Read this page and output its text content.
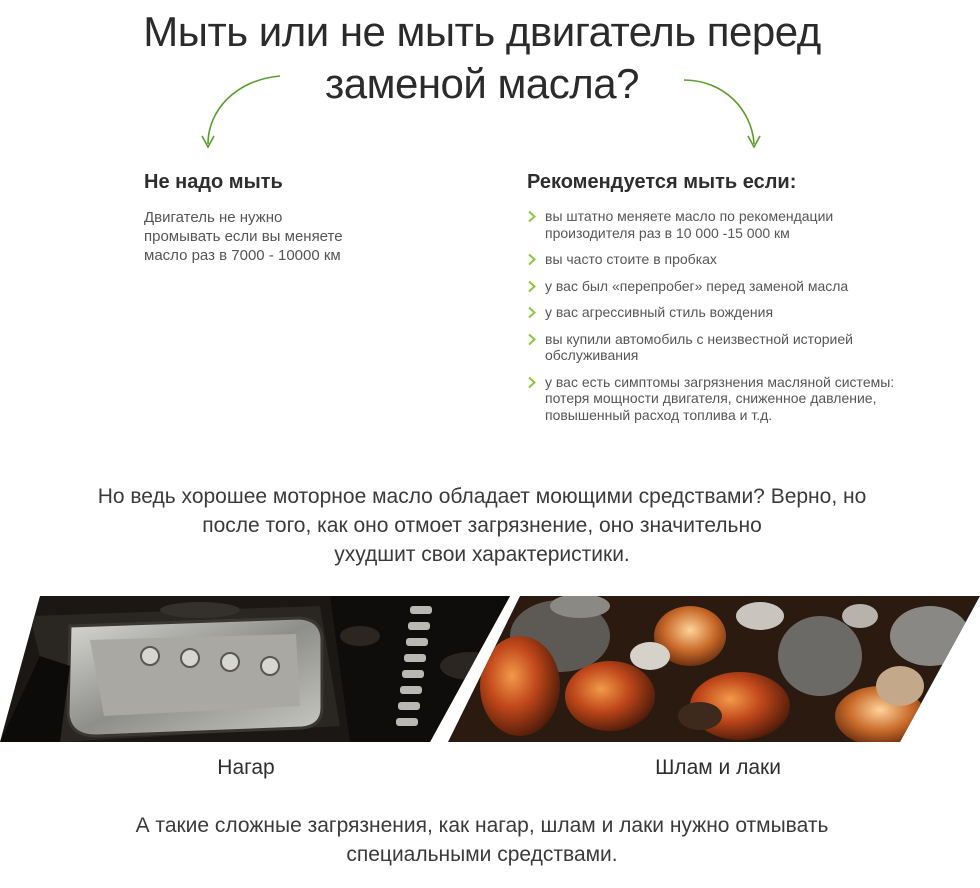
Мыть или не мыть двигатель перед
заменой масла?
Не надо мыть
Двигатель не нужно
промывать если вы меняете
масло раз в 7000 - 10000 км
Рекомендуется мыть если:
вы штатно меняете масло по рекомендации
произодителя раз в 10 000 -15 000 км
вы часто стоите в пробках
у вас был «перепробег» перед заменой масла
у вас агрессивный стиль вождения
вы купили автомобиль с неизвестной историей
обслуживания
у вас есть симптомы загрязнения масляной системы:
потеря мощности двигателя, сниженное давление,
повышенный расход топлива и т.д.
Но ведь хорошее моторное масло обладает моющими средствами? Верно, но
после того, как оно отмоет загрязнение, оно значительно
ухудшит свои характеристики.
Нагар	Шлам и лаки
А такие сложные загрязнения, как нагар, шлам и лаки нужно отмывать
специальными средствами.
